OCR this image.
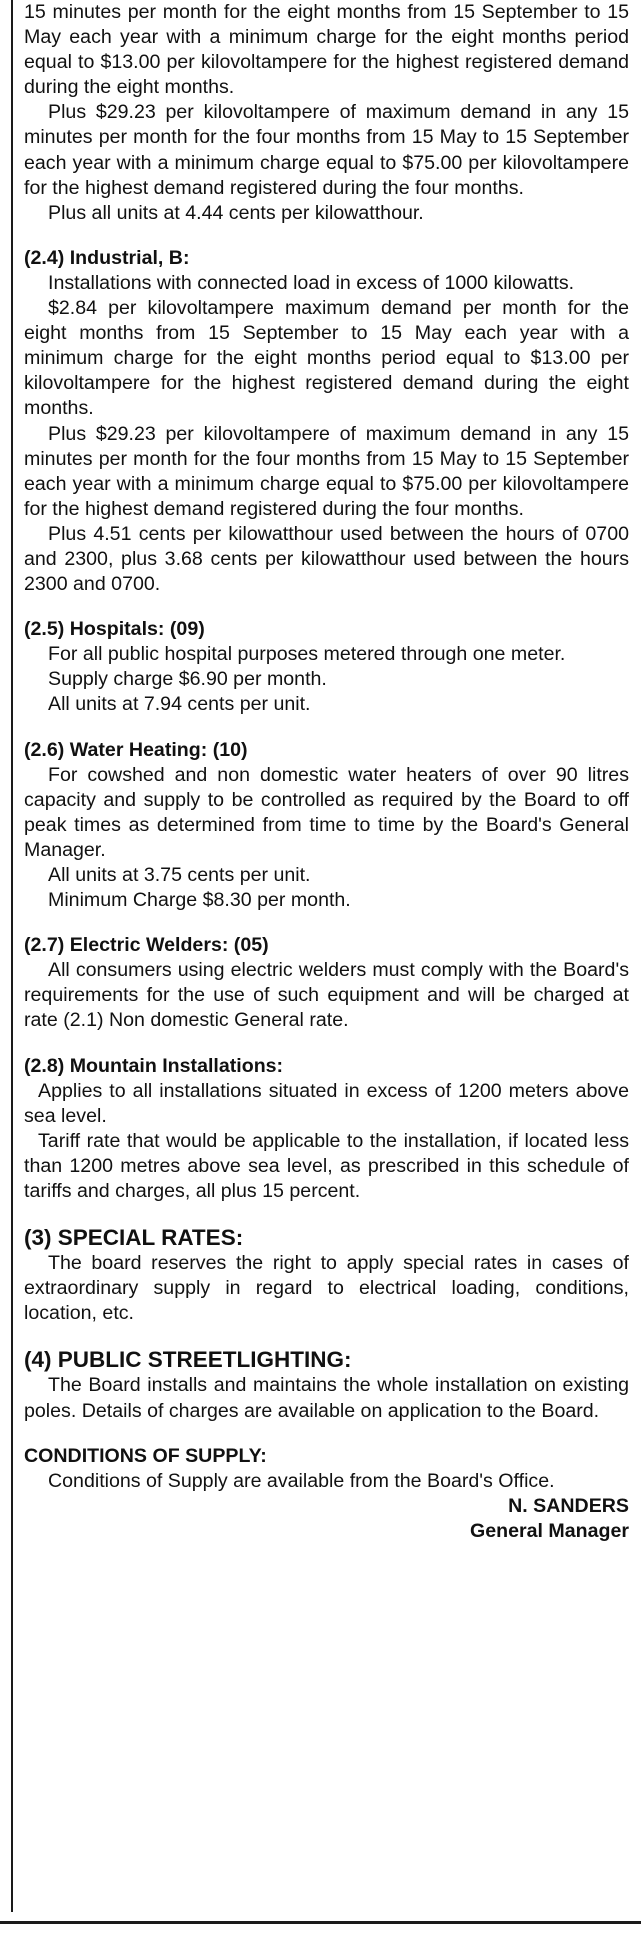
15 minutes per month for the eight months from 15 September to 15 May each year with a minimum charge for the eight months period equal to $13.00 per kilovoltampere for the highest registered demand during the eight months.

Plus $29.23 per kilovoltampere of maximum demand in any 15 minutes per month for the four months from 15 May to 15 September each year with a minimum charge equal to $75.00 per kilovoltampere for the highest demand registered during the four months.

Plus all units at 4.44 cents per kilowatthour.

(2.4) Industrial, B:

Installations with connected load in excess of 1000 kilowatts.

$2.84 per kilovoltampere maximum demand per month for the eight months from 15 September to 15 May each year with a minimum charge for the eight months period equal to $13.00 per kilovoltampere for the highest registered demand during the eight months.

Plus $29.23 per kilovoltampere of maximum demand in any 15 minutes per month for the four months from 15 May to 15 September each year with a minimum charge equal to $75.00 per kilovoltampere for the highest demand registered during the four months.

Plus 4.51 cents per kilowatthour used between the hours of 0700 and 2300, plus 3.68 cents per kilowatthour used between the hours 2300 and 0700.

(2.5) Hospitals: (09)

For all public hospital purposes metered through one meter.

Supply charge $6.90 per month.
All units at 7.94 cents per unit.
(2.6) Water Heating: (10)

For cowshed and non domestic water heaters of over 90 litres capacity and supply to be controlled as required by the Board to off peak times as determined from time to time by the Board's General Manager.

All units at 3.75 cents per unit.
Minimum Charge $8.30 per month.
(2.7) Electric Welders: (05)

All consumers using electric welders must comply with the Board's requirements for the use of such equipment and will be charged at rate (2.1) Non domestic General rate.

(2.8) Mountain Installations:

Applies to all installations situated in excess of 1200 meters above sea level.

Tariff rate that would be applicable to the installation, if located less than 1200 metres above sea level, as prescribed in this schedule of tariffs and charges, all plus 15 percent.

(3) SPECIAL RATES:

The board reserves the right to apply special rates in cases of extraordinary supply in regard to electrical loading, conditions, location, etc.

(4) PUBLIC STREETLIGHTING:

The Board installs and maintains the whole installation on existing poles. Details of charges are available on application to the Board.

CONDITIONS OF SUPPLY:

Conditions of Supply are available from the Board's Office.

N. SANDERS
General Manager
